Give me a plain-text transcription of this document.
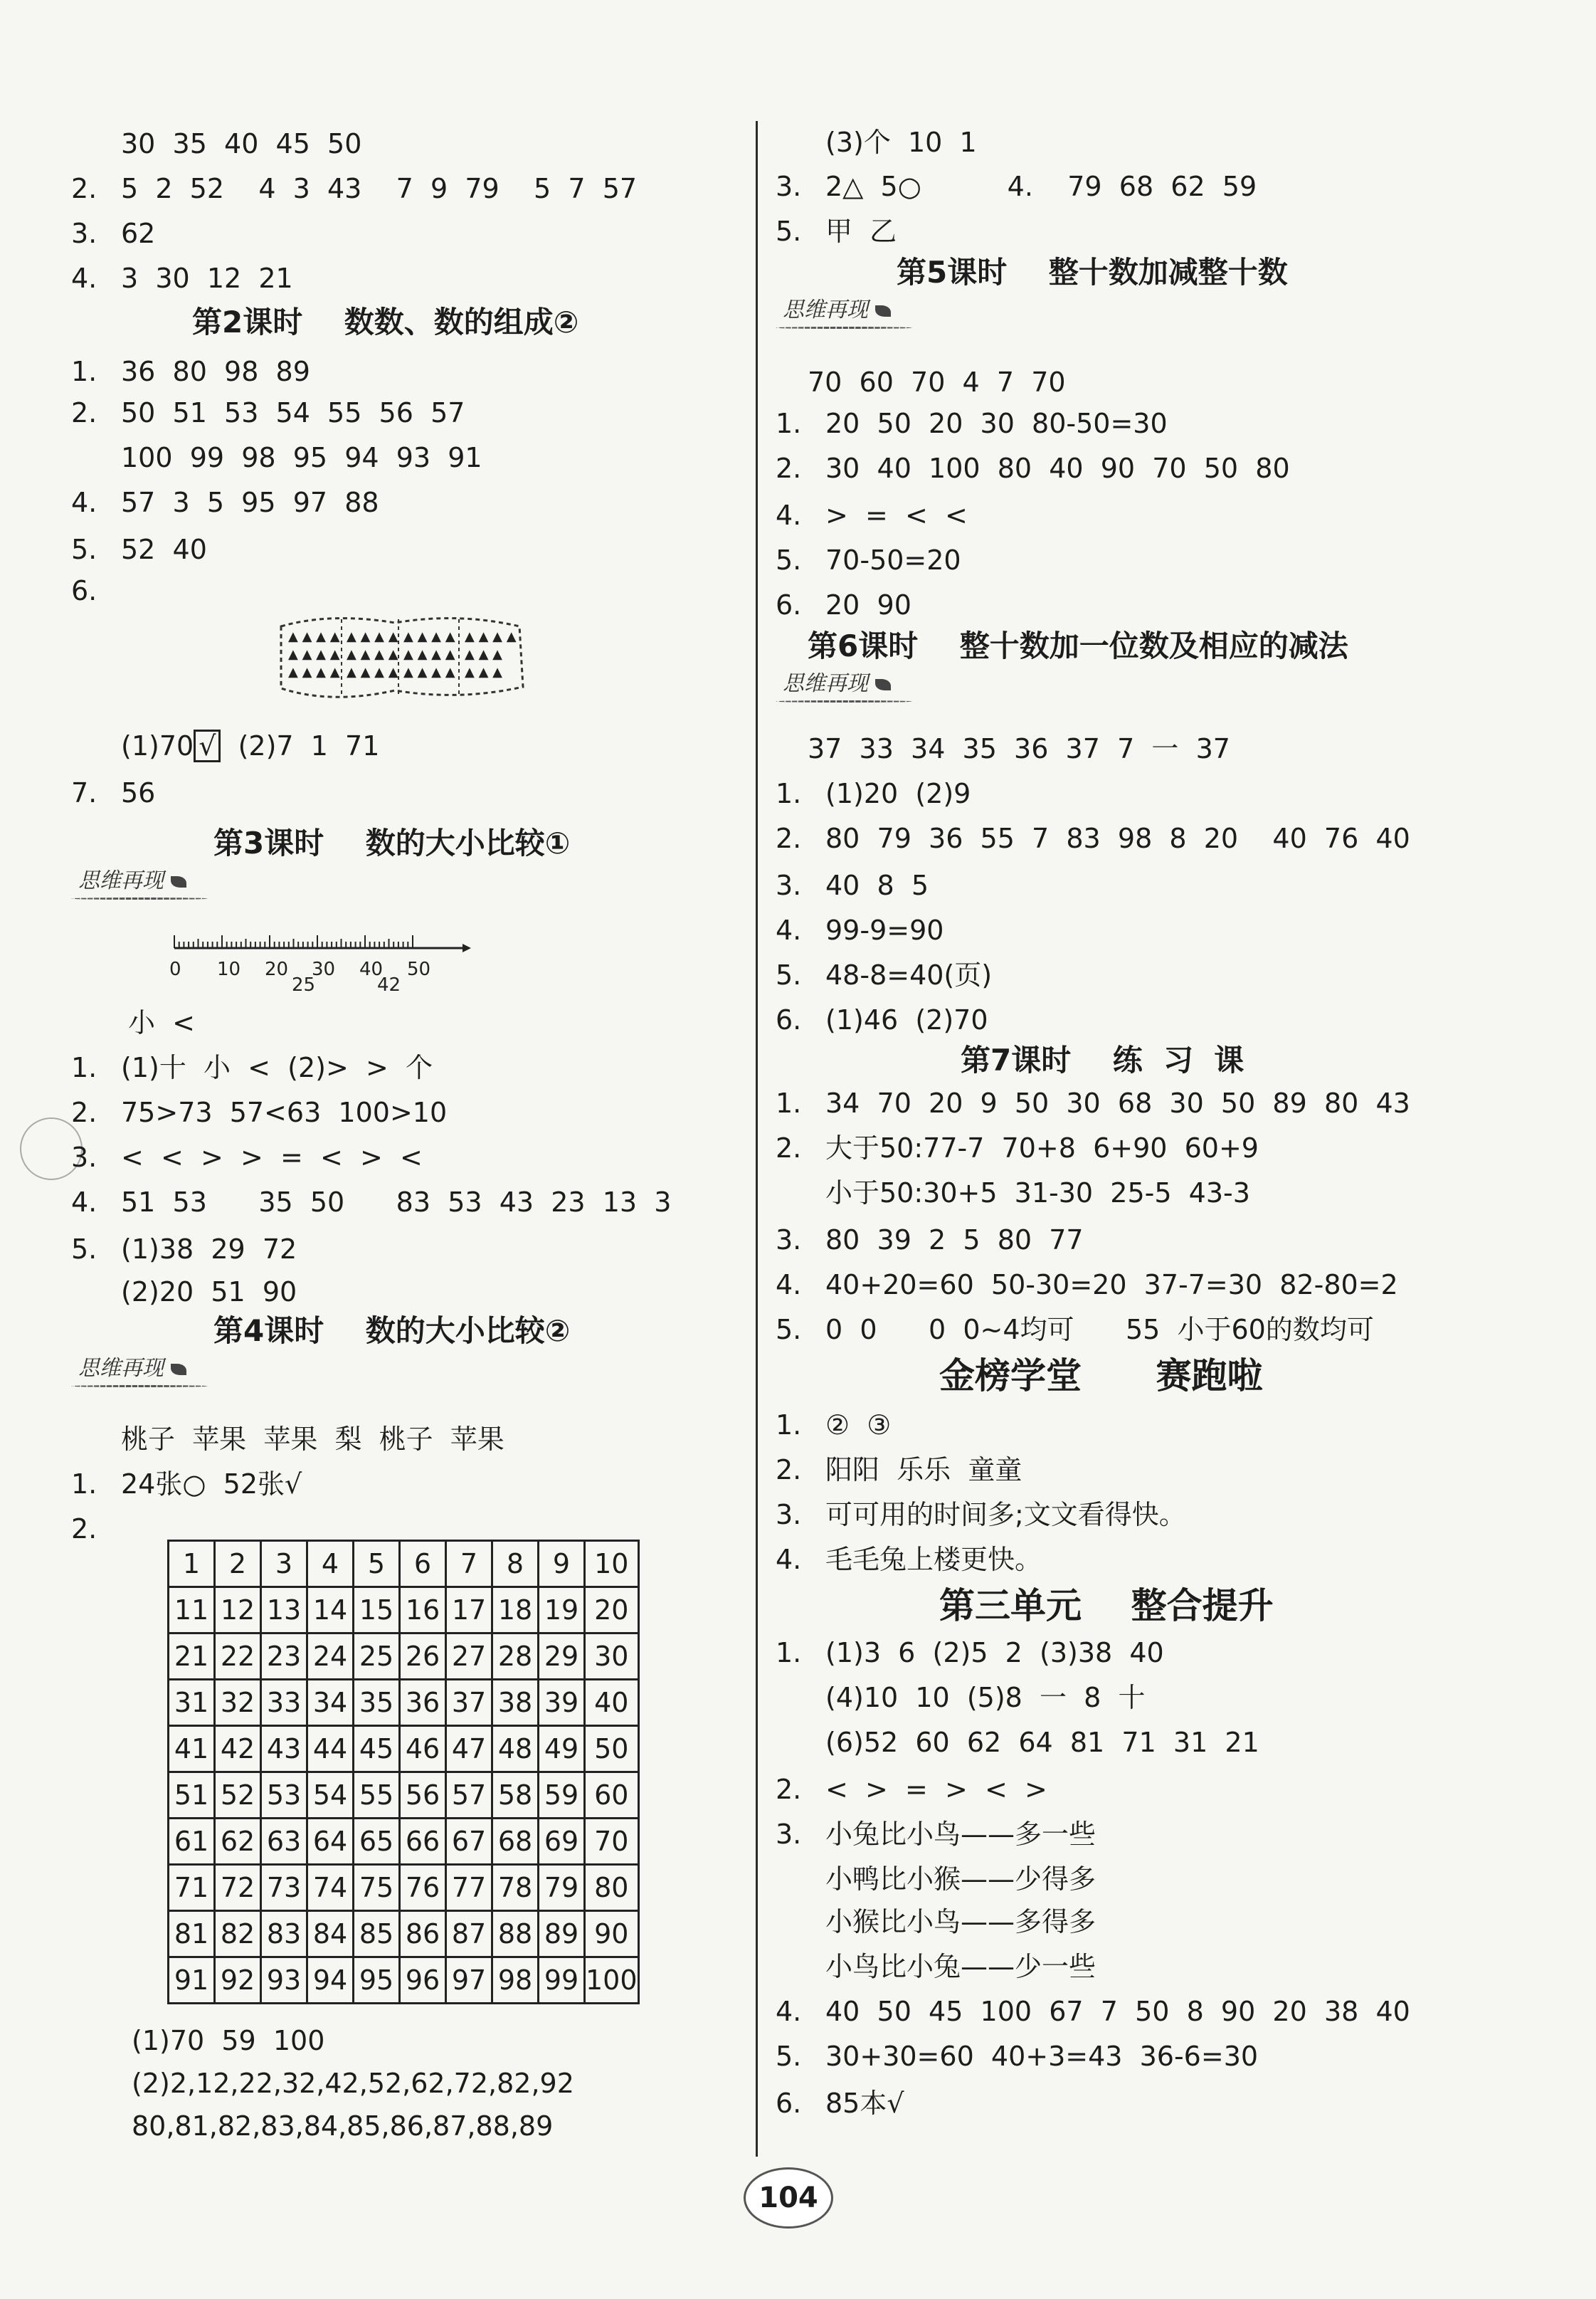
30  35  40  45  50
2. 5  2  52    4  3  43    7  9  79    5  7  57
3. 62
4. 3  30  12  21
第2课时    数数、数的组成②
1. 36  80  98  89
2. 50  51  53  54  55  56  57
100  99  98  95  94  93  91
4. 57  3  5  95  97  88
5. 52  40
6.
▲ ▲ ▲ ▲
▲ ▲ ▲ ▲
▲ ▲ ▲ ▲
▲ ▲ ▲ ▲
▲ ▲ ▲ ▲
▲ ▲ ▲ ▲
▲ ▲ ▲ ▲
▲ ▲ ▲ ▲
▲ ▲ ▲ ▲
▲ ▲ ▲ ▲
▲ ▲ ▲
▲ ▲ ▲
(1)70 √  (2)7  1  71
7. 56
第3课时    数的大小比较①
思维再现
0 10 20
25
30 40
42
50
小  <
1. (1)十  小  <  (2)>  >  个
2. 75>73  57<63  100>10
3. <  <  >  >  =  <  >  <
4. 51  53      35  50      83  53  43  23  13  3
5. (1)38  29  72
(2)20  51  90
第4课时    数的大小比较②
思维再现
桃子  苹果  苹果  梨  桃子  苹果
1. 24张○  52张√
2.
1	2	3	4	5	6	7	8	9	10
11	12	13	14	15	16	17	18	19	20
21	22	23	24	25	26	27	28	29	30
31	32	33	34	35	36	37	38	39	40
41	42	43	44	45	46	47	48	49	50
51	52	53	54	55	56	57	58	59	60
61	62	63	64	65	66	67	68	69	70
71	72	73	74	75	76	77	78	79	80
81	82	83	84	85	86	87	88	89	90
91	92	93	94	95	96	97	98	99	100
(1)70  59  100
(2)2,12,22,32,42,52,62,72,82,92
80,81,82,83,84,85,86,87,88,89
(3)个  10  1
3. 2△  5○          4.    79  68  62  59
5. 甲  乙
第5课时    整十数加减整十数
思维再现
70  60  70  4  7  70
1. 20  50  20  30  80-50=30
2. 30  40  100  80  40  90  70  50  80
4. >  =  <  <
5. 70-50=20
6. 20  90
第6课时    整十数加一位数及相应的减法
思维再现
37  33  34  35  36  37  7  一  37
1. (1)20  (2)9
2. 80  79  36  55  7  83  98  8  20    40  76  40
3. 40  8  5
4. 99-9=90
5. 48-8=40(页)
6. (1)46  (2)70
第7课时    练  习  课
1. 34  70  20  9  50  30  68  30  50  89  80  43
2. 大于50:77-7  70+8  6+90  60+9
小于50:30+5  31-30  25-5  43-3
3. 80  39  2  5  80  77
4. 40+20=60  50-30=20  37-7=30  82-80=2
5. 0  0      0  0~4均可      55  小于60的数均可
金榜学堂      赛跑啦
1. ②  ③
2. 阳阳  乐乐  童童
3. 可可用的时间多;文文看得快。
4. 毛毛兔上楼更快。
第三单元    整合提升
1. (1)3  6  (2)5  2  (3)38  40
(4)10  10  (5)8  一  8  十
(6)52  60  62  64  81  71  31  21
2. <  >  =  >  <  >
3. 小兔比小鸟——多一些
小鸭比小猴——少得多
小猴比小鸟——多得多
小鸟比小兔——少一些
4. 40  50  45  100  67  7  50  8  90  20  38  40
5. 30+30=60  40+3=43  36-6=30
6. 85本√
104
